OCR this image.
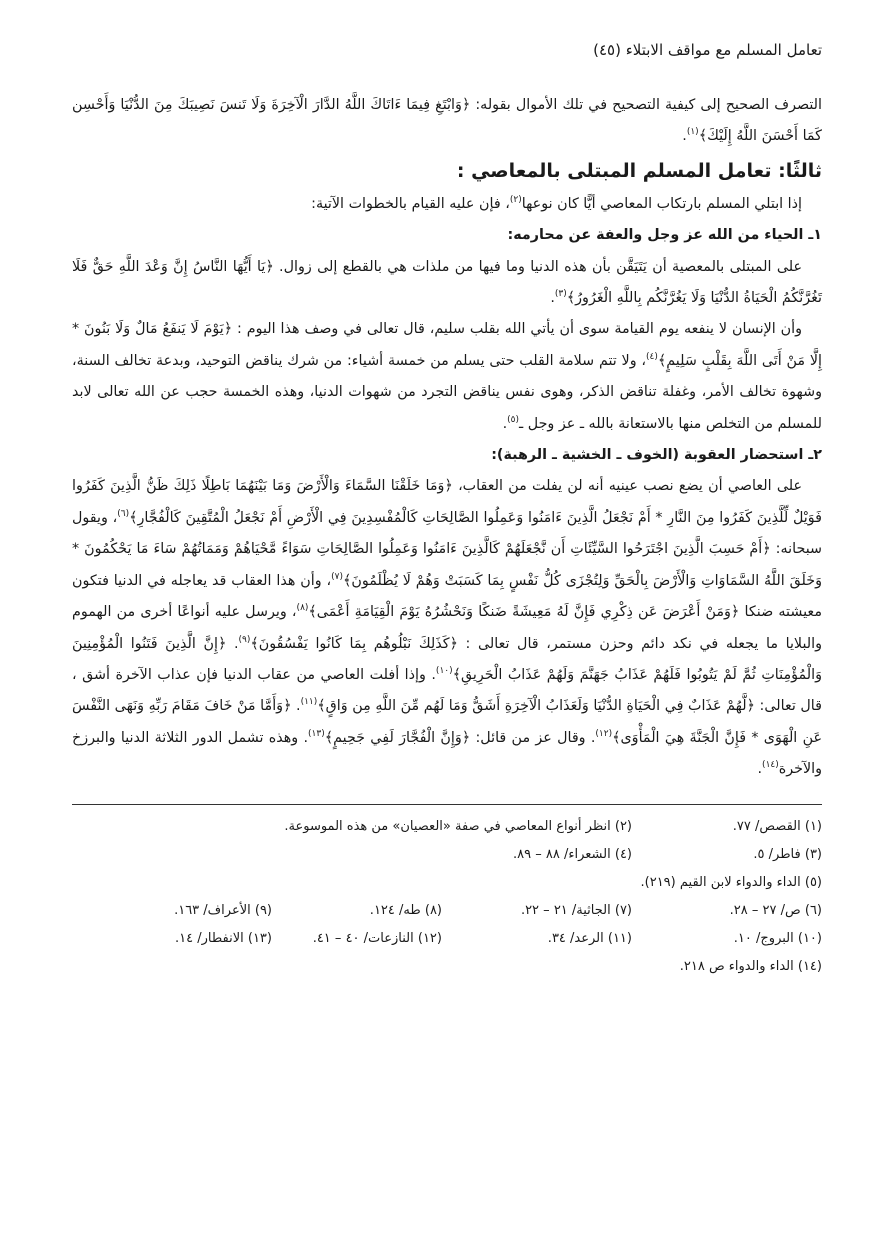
تعامل المسلم مع مواقف الابتلاء (٤٥)

التصرف الصحيح إلى كيفية التصحيح في تلك الأموال بقوله: ﴿وَابْتَغِ فِيمَا ءَاتَاكَ اللَّهُ الدَّارَ الْآخِرَةَ وَلَا تَنسَ نَصِيبَكَ مِنَ الدُّنْيَا وَأَحْسِن كَمَا أَحْسَنَ اللَّهُ إِلَيْكَ﴾$^{(١)}$.

ثالثًا: تعامل المسلم المبتلى بالمعاصي :

إذا ابتلي المسلم بارتكاب المعاصي أيًّا كان نوعها$^{(٢)}$، فإن عليه القيام بالخطوات الآتية:

١ـ الحياء من الله عز وجل والعفة عن محارمه:

على المبتلى بالمعصية أن يَتَيَقَّن بأن هذه الدنيا وما فيها من ملذات هي بالقطع إلى زوال. ﴿يَا أَيُّهَا النَّاسُ إِنَّ وَعْدَ اللَّهِ حَقٌّ فَلَا تَغُرَّنَّكُمُ الْحَيَاةُ الدُّنْيَا وَلَا يَغُرَّنَّكُم بِاللَّهِ الْغَرُورُ﴾$^{(٣)}$.

وأن الإنسان لا ينفعه يوم القيامة سوى أن يأتي الله بقلب سليم، قال تعالى في وصف هذا اليوم : ﴿يَوْمَ لَا يَنفَعُ مَالٌ وَلَا بَنُونَ * إِلَّا مَنْ أَتَى اللَّهَ بِقَلْبٍ سَلِيمٍ﴾$^{(٤)}$، ولا تتم سلامة القلب حتى يسلم من خمسة أشياء: من شرك يناقض التوحيد، وبدعة تخالف السنة، وشهوة تخالف الأمر، وغفلة تناقض الذكر، وهوى نفس يناقض التجرد من شهوات الدنيا، وهذه الخمسة حجب عن الله تعالى لابد للمسلم من التخلص منها بالاستعانة بالله ـ عز وجل ـ$^{(٥)}$.

٢ـ استحضار العقوبة (الخوف ـ الخشية ـ الرهبة):

على العاصي أن يضع نصب عينيه أنه لن يفلت من العقاب، ﴿وَمَا خَلَقْنَا السَّمَاءَ وَالْأَرْضَ وَمَا بَيْنَهُمَا بَاطِلًا ذَلِكَ ظَنُّ الَّذِينَ كَفَرُوا فَوَيْلٌ لِّلَّذِينَ كَفَرُوا مِنَ النَّارِ * أَمْ نَجْعَلُ الَّذِينَ ءَامَنُوا وَعَمِلُوا الصَّالِحَاتِ كَالْمُفْسِدِينَ فِي الْأَرْضِ أَمْ نَجْعَلُ الْمُتَّقِينَ كَالْفُجَّارِ﴾$^{(٦)}$، ويقول سبحانه: ﴿أَمْ حَسِبَ الَّذِينَ اجْتَرَحُوا السَّيِّئَاتِ أَن نَّجْعَلَهُمْ كَالَّذِينَ ءَامَنُوا وَعَمِلُوا الصَّالِحَاتِ سَوَاءً مَّحْيَاهُمْ وَمَمَاتُهُمْ سَاءَ مَا يَحْكُمُونَ * وَخَلَقَ اللَّهُ السَّمَاوَاتِ وَالْأَرْضَ بِالْحَقِّ وَلِتُجْزَى كُلُّ نَفْسٍ بِمَا كَسَبَتْ وَهُمْ لَا يُظْلَمُونَ﴾$^{(٧)}$، وأن هذا العقاب قد يعاجله في الدنيا فتكون معيشته ضنكا ﴿وَمَنْ أَعْرَضَ عَن ذِكْرِي فَإِنَّ لَهُ مَعِيشَةً ضَنكًا وَنَحْشُرُهُ يَوْمَ الْقِيَامَةِ أَعْمَى﴾$^{(٨)}$، ويرسل عليه أنواعًا أخرى من الهموم والبلايا ما يجعله في نكد دائم وحزن مستمر، قال تعالى : ﴿كَذَلِكَ نَبْلُوهُم بِمَا كَانُوا يَفْسُقُونَ﴾$^{(٩)}$. ﴿إِنَّ الَّذِينَ فَتَنُوا الْمُؤْمِنِينَ وَالْمُؤْمِنَاتِ ثُمَّ لَمْ يَتُوبُوا فَلَهُمْ عَذَابُ جَهَنَّمَ وَلَهُمْ عَذَابُ الْحَرِيقِ﴾$^{(١٠)}$. وإذا أفلت العاصي من عقاب الدنيا فإن عذاب الآخرة أشق ، قال تعالى: ﴿لَّهُمْ عَذَابٌ فِي الْحَيَاةِ الدُّنْيَا وَلَعَذَابُ الْآخِرَةِ أَشَقُّ وَمَا لَهُم مِّنَ اللَّهِ مِن وَاقٍ﴾$^{(١١)}$. ﴿وَأَمَّا مَنْ خَافَ مَقَامَ رَبِّهِ وَنَهَى النَّفْسَ عَنِ الْهَوَى * فَإِنَّ الْجَنَّةَ هِيَ الْمَأْوَى﴾$^{(١٢)}$. وقال عز من قائل: ﴿وَإِنَّ الْفُجَّارَ لَفِي جَحِيمٍ﴾$^{(١٣)}$. وهذه تشمل الدور الثلاثة الدنيا والبرزخ والآخرة$^{(١٤)}$.

(١) القصص/ ٧٧.
(٢) انظر أنواع المعاصي في صفة «العصيان» من هذه الموسوعة.
(٣) فاطر/ ٥.
(٤) الشعراء/ ٨٨ – ٨٩.
(٥) الداء والدواء لابن القيم (٢١٩).
(٦) ص/ ٢٧ – ٢٨.
(٧) الجاثية/ ٢١ – ٢٢.
(٨) طه/ ١٢٤.
(٩) الأعراف/ ١٦٣.
(١٠) البروج/ ١٠.
(١١) الرعد/ ٣٤.
(١٢) النازعات/ ٤٠ – ٤١.
(١٣) الانفطار/ ١٤.
(١٤) الداء والدواء ص ٢١٨.
